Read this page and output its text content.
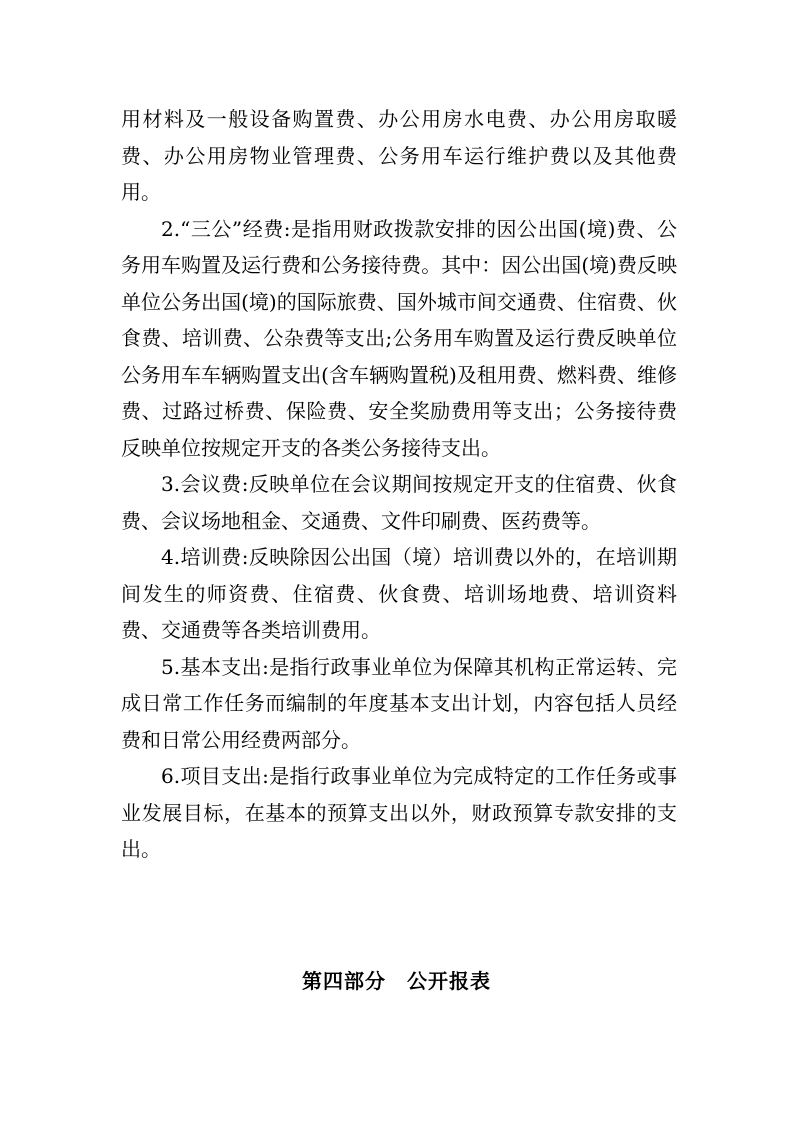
用材料及一般设备购置费、办公用房水电费、办公用房取暖费、办公用房物业管理费、公务用车运行维护费以及其他费用。

2.“三公”经费:是指用财政拨款安排的因公出国(境)费、公务用车购置及运行费和公务接待费。其中：因公出国(境)费反映单位公务出国(境)的国际旅费、国外城市间交通费、住宿费、伙食费、培训费、公杂费等支出;公务用车购置及运行费反映单位公务用车车辆购置支出(含车辆购置税)及租用费、燃料费、维修费、过路过桥费、保险费、安全奖励费用等支出；公务接待费反映单位按规定开支的各类公务接待支出。

3.会议费:反映单位在会议期间按规定开支的住宿费、伙食费、会议场地租金、交通费、文件印刷费、医药费等。

4.培训费:反映除因公出国（境）培训费以外的，在培训期间发生的师资费、住宿费、伙食费、培训场地费、培训资料费、交通费等各类培训费用。

5.基本支出:是指行政事业单位为保障其机构正常运转、完成日常工作任务而编制的年度基本支出计划，内容包括人员经费和日常公用经费两部分。

6.项目支出:是指行政事业单位为完成特定的工作任务或事业发展目标，在基本的预算支出以外，财政预算专款安排的支出。

第四部分　公开报表
